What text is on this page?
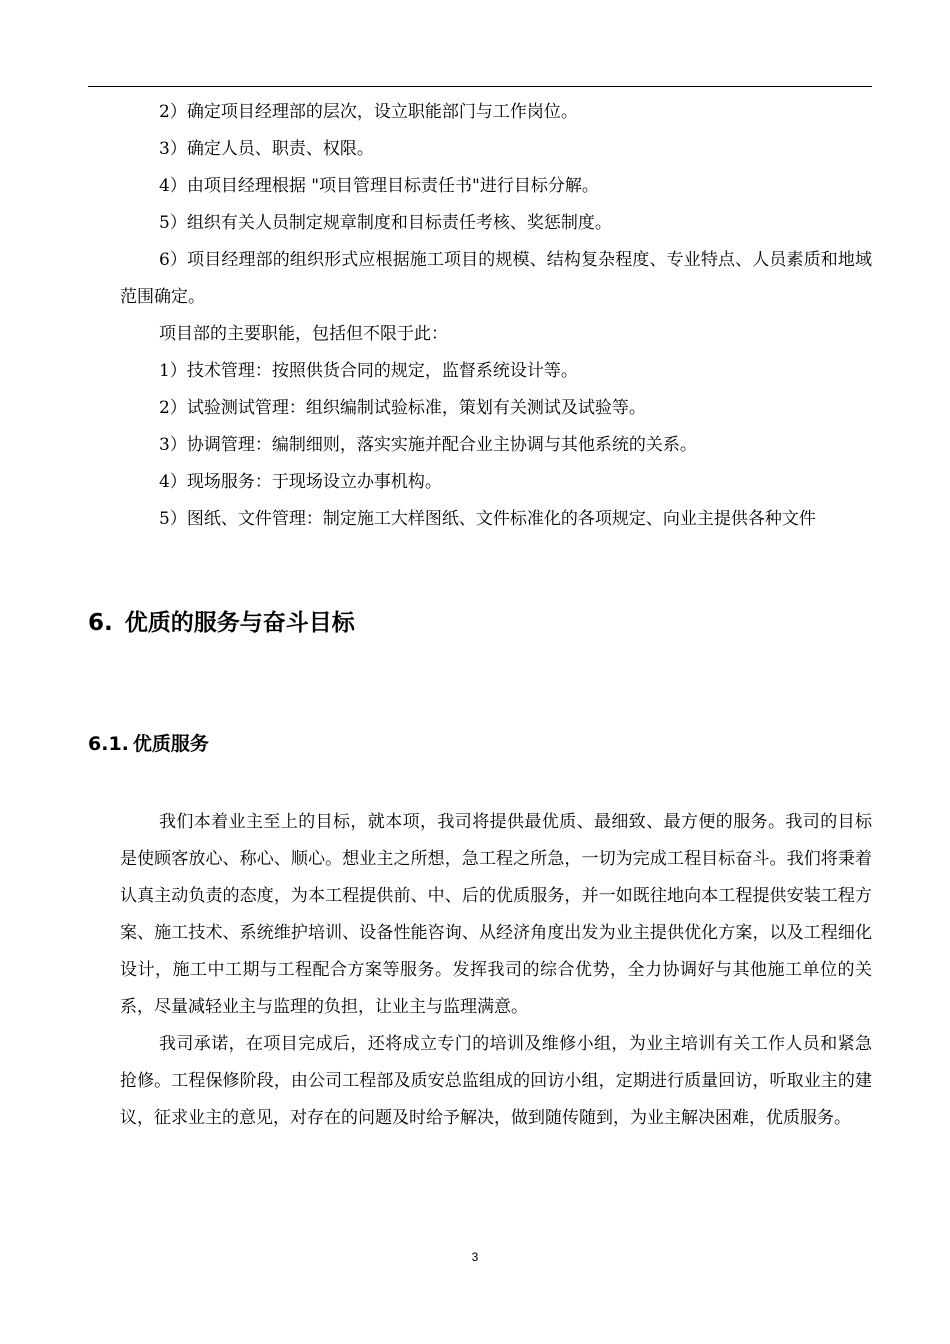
2）确定项目经理部的层次，设立职能部门与工作岗位。

3）确定人员、职责、权限。

4）由项目经理根据 "项目管理目标责任书"进行目标分解。

5）组织有关人员制定规章制度和目标责任考核、奖惩制度。

6）项目经理部的组织形式应根据施工项目的规模、结构复杂程度、专业特点、人员素质和地域范围确定。

项目部的主要职能，包括但不限于此：

1）技术管理：按照供货合同的规定，监督系统设计等。

2）试验测试管理：组织编制试验标准，策划有关测试及试验等。

3）协调管理：编制细则，落实实施并配合业主协调与其他系统的关系。

4）现场服务：于现场设立办事机构。

5）图纸、文件管理：制定施工大样图纸、文件标准化的各项规定、向业主提供各种文件

6. 优质的服务与奋斗目标
6.1. 优质服务

我们本着业主至上的目标，就本项，我司将提供最优质、最细致、最方便的服务。我司的目标是使顾客放心、称心、顺心。想业主之所想，急工程之所急，一切为完成工程目标奋斗。我们将秉着认真主动负责的态度，为本工程提供前、中、后的优质服务，并一如既往地向本工程提供安装工程方案、施工技术、系统维护培训、设备性能咨询、从经济角度出发为业主提供优化方案，以及工程细化设计，施工中工期与工程配合方案等服务。发挥我司的综合优势，全力协调好与其他施工单位的关系，尽量减轻业主与监理的负担，让业主与监理满意。

我司承诺，在项目完成后，还将成立专门的培训及维修小组，为业主培训有关工作人员和紧急抢修。工程保修阶段，由公司工程部及质安总监组成的回访小组，定期进行质量回访，听取业主的建议，征求业主的意见，对存在的问题及时给予解决，做到随传随到，为业主解决困难，优质服务。

3
